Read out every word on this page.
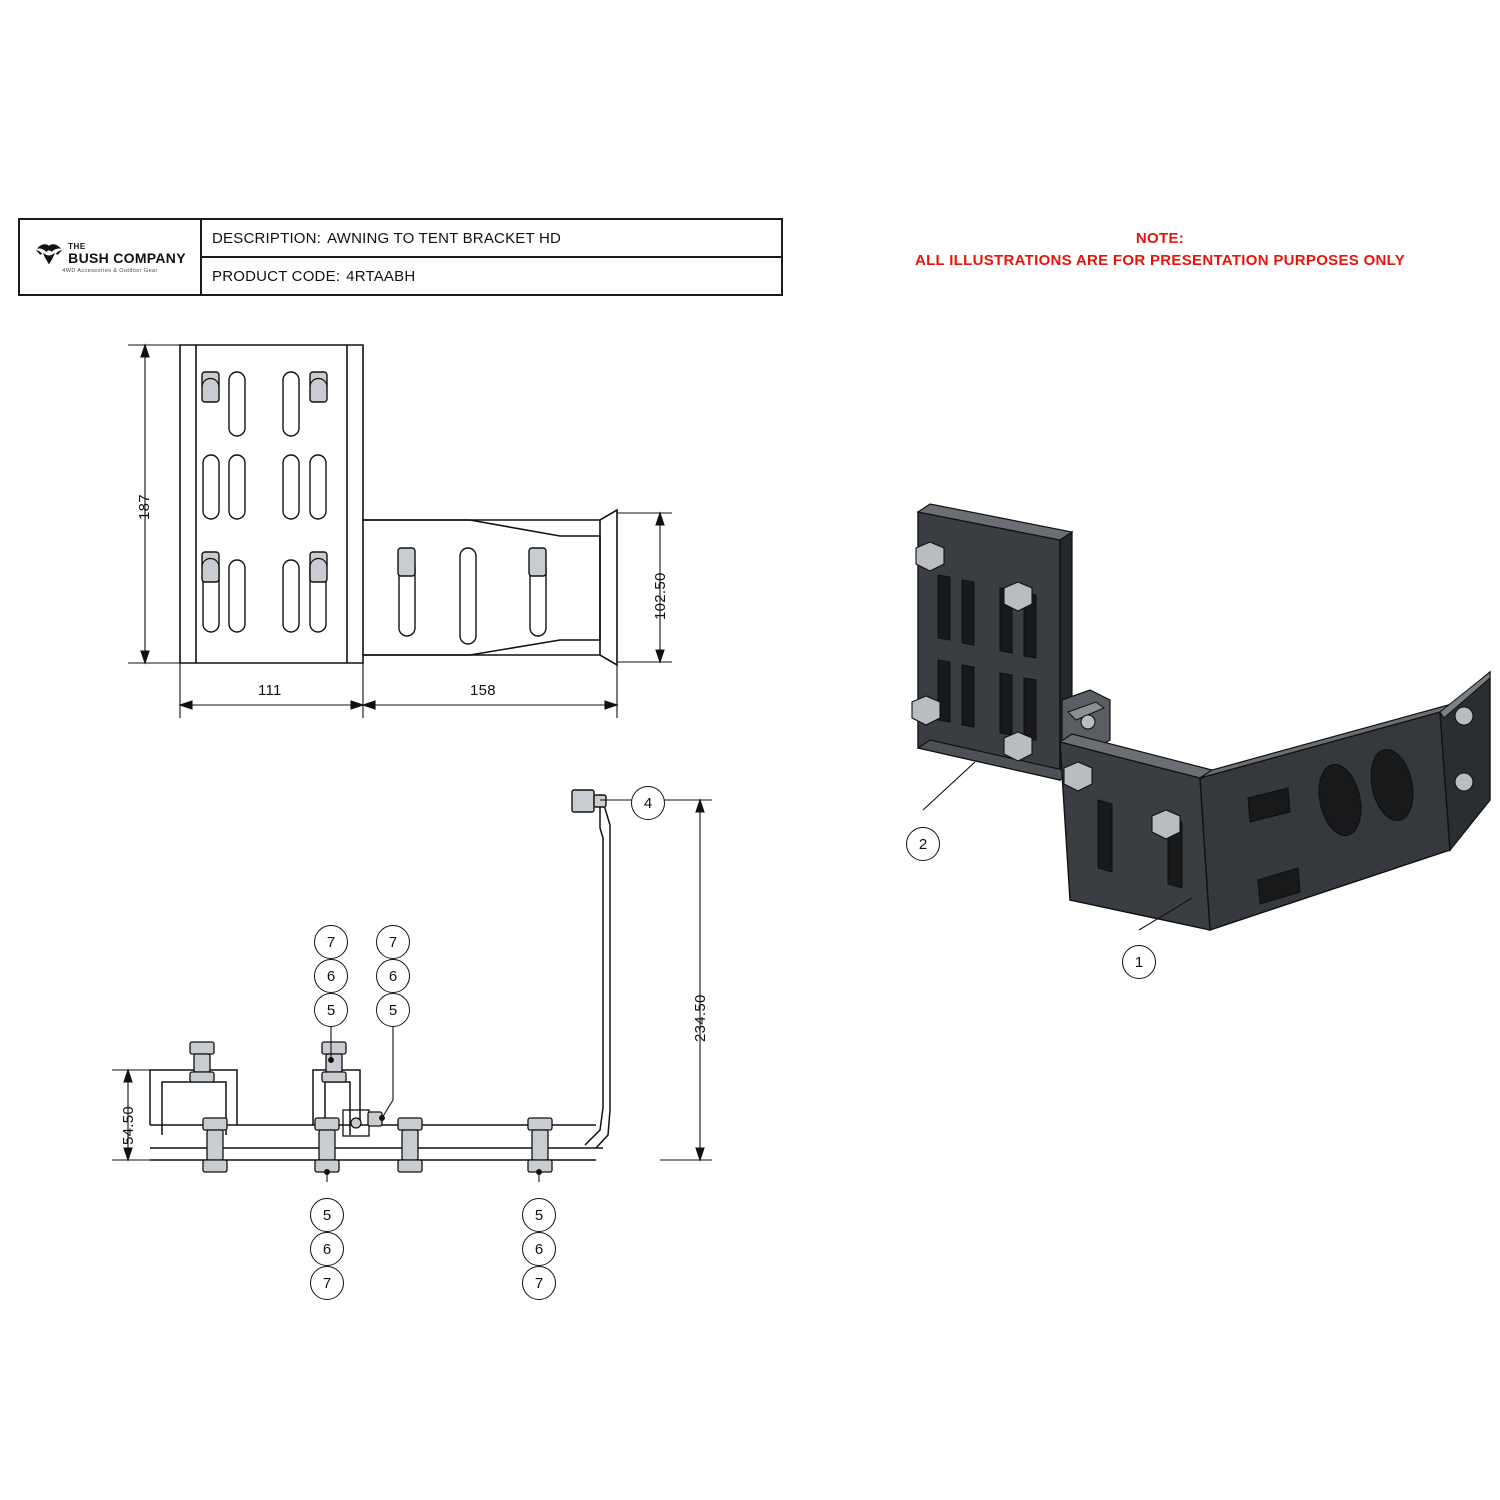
THE
BUSH COMPANY
4WD Accessories & Outdoor Gear
DESCRIPTION: AWNING TO TENT BRACKET HD
PRODUCT CODE: 4RTAABH
NOTE:
ALL ILLUSTRATIONS ARE FOR PRESENTATION PURPOSES ONLY
187
102.50
111	158
54.50
234.50
4
7
6
5
7
6
5
5
6
7
5
6
7
2
1
